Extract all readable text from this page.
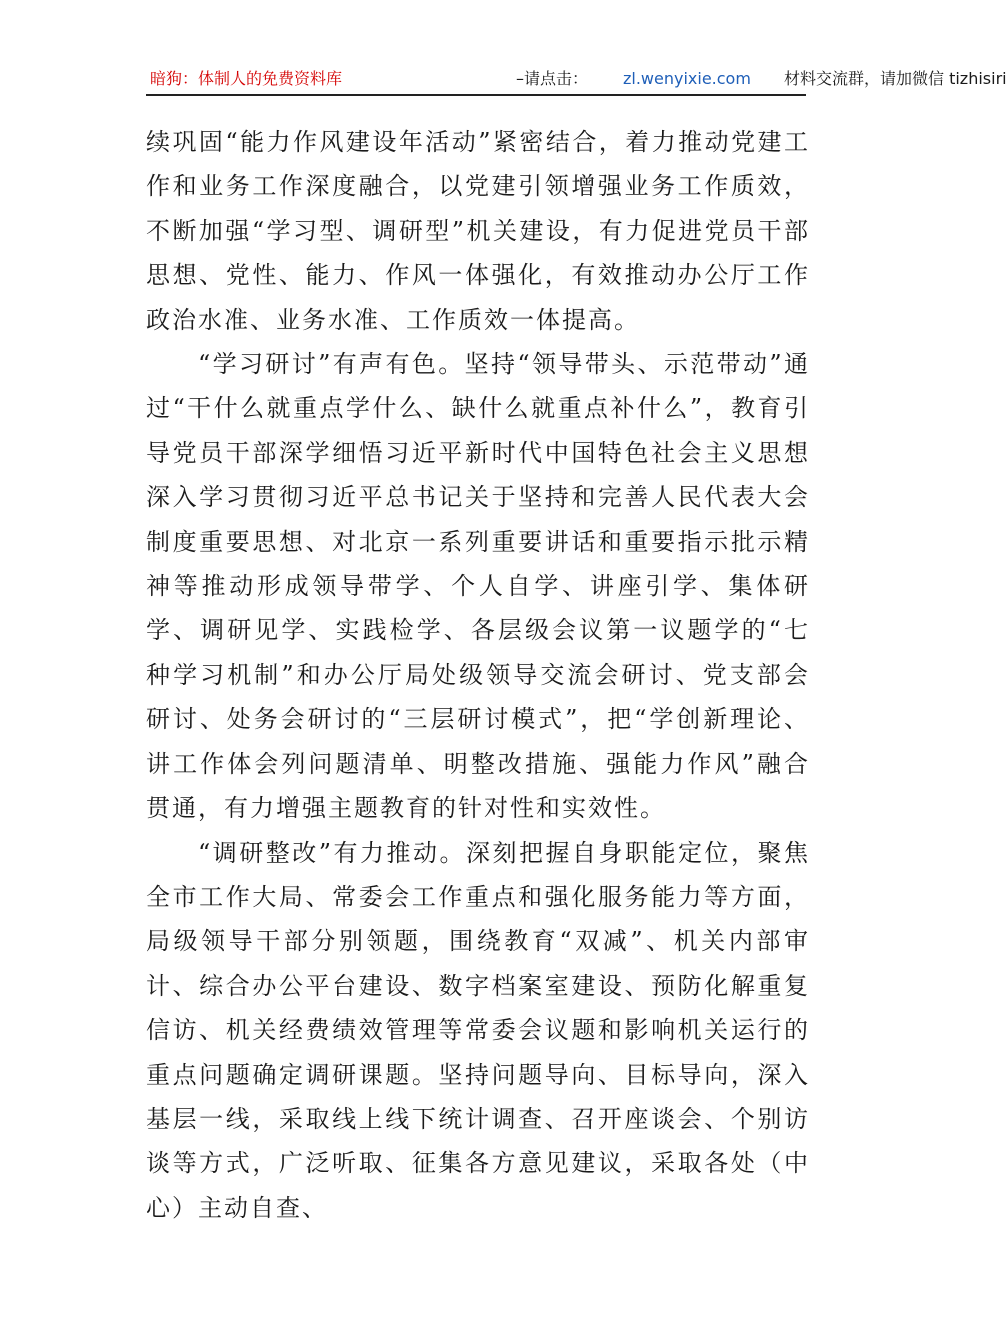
暗狗：体制人的免费资料库	–请点击： zl.wenyixie.com 材料交流群，请加微信 tizhisiri

续巩固“能力作风建设年活动”紧密结合，着力推动党建工作和业务工作深度融合，以党建引领增强业务工作质效，不断加强“学习型、调研型”机关建设，有力促进党员干部思想、党性、能力、作风一体强化，有效推动办公厅工作政治水准、业务水准、工作质效一体提高。

“学习研讨”有声有色。坚持“领导带头、示范带动”通过“干什么就重点学什么、缺什么就重点补什么”，教育引导党员干部深学细悟习近平新时代中国特色社会主义思想深入学习贯彻习近平总书记关于坚持和完善人民代表大会制度重要思想、对北京一系列重要讲话和重要指示批示精神等推动形成领导带学、个人自学、讲座引学、集体研学、调研见学、实践检学、各层级会议第一议题学的“七种学习机制”和办公厅局处级领导交流会研讨、党支部会研讨、处务会研讨的“三层研讨模式”，把“学创新理论、讲工作体会列问题清单、明整改措施、强能力作风”融合贯通，有力增强主题教育的针对性和实效性。

“调研整改”有力推动。深刻把握自身职能定位，聚焦全市工作大局、常委会工作重点和强化服务能力等方面，局级领导干部分别领题，围绕教育“双减”、机关内部审计、综合办公平台建设、数字档案室建设、预防化解重复信访、机关经费绩效管理等常委会议题和影响机关运行的重点问题确定调研课题。坚持问题导向、目标导向，深入基层一线，采取线上线下统计调查、召开座谈会、个别访谈等方式，广泛听取、征集各方意见建议，采取各处（中心）主动自查、
